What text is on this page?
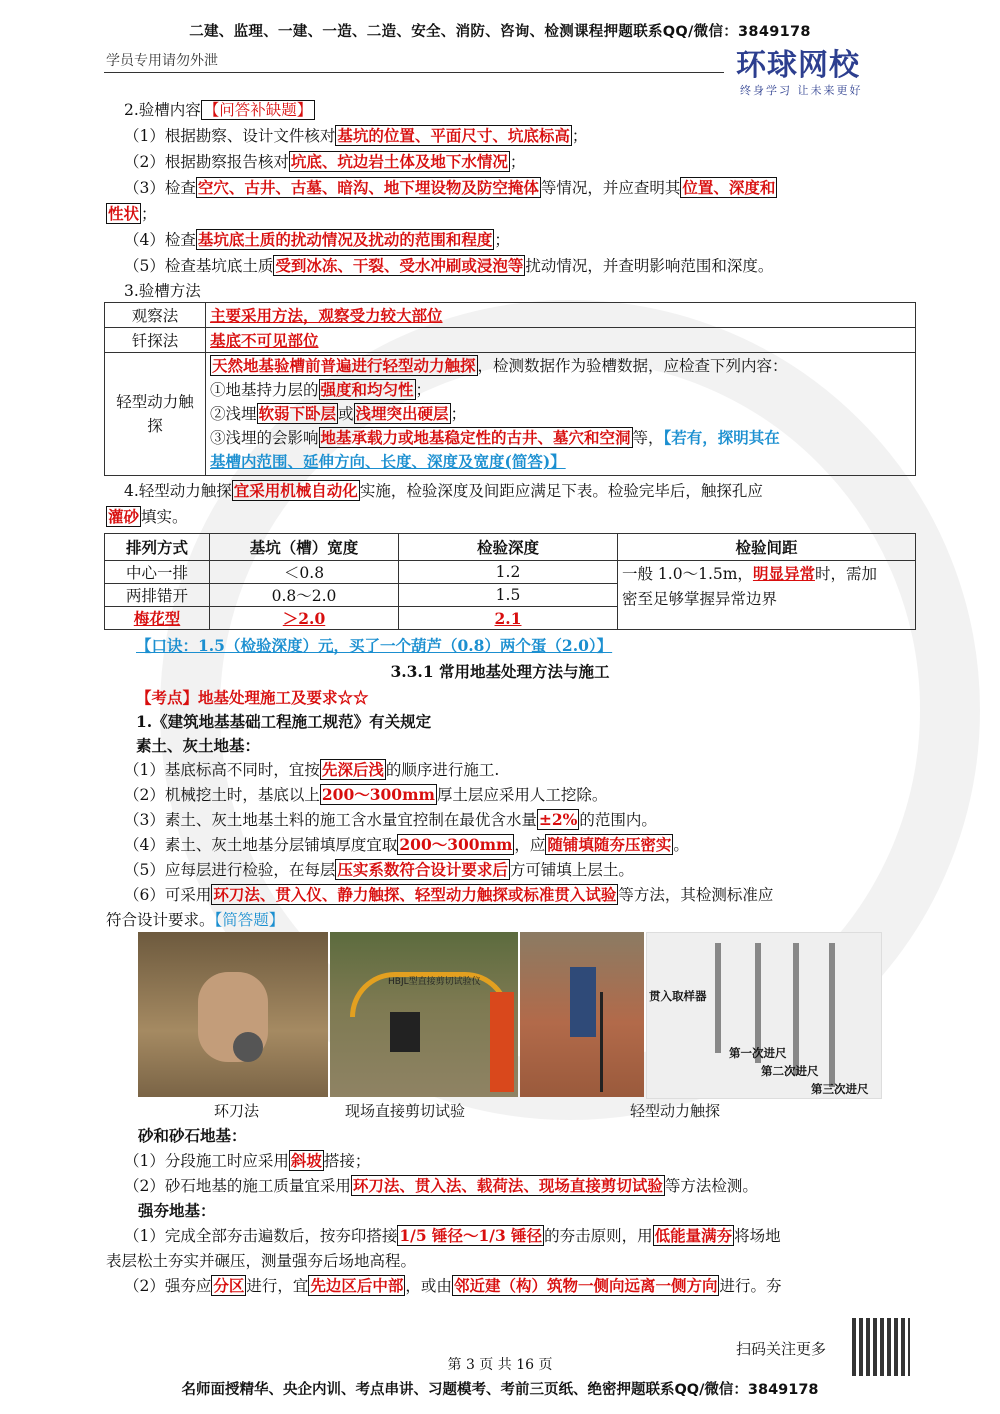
二建、监理、一建、一造、二造、安全、消防、咨询、检测课程押题联系QQ/微信：3849178
学员专用请勿外泄	环球网校
终身学习 让未来更好
2.验槽内容 【问答补缺题】
（1）根据勘察、设计文件核对 基坑的位置、平面尺寸、坑底标高 ；
（2）根据勘察报告核对 坑底、坑边岩土体及地下水情况 ；
（3）检查 空穴、古井、古墓、暗沟、地下埋设物及防空掩体 等情况，并应查明其 位置、深度和
性状 ；
（4）检查 基坑底土质的扰动情况及扰动的范围和程度 ；
（5）检查基坑底土质 受到冰冻、干裂、受水冲刷或浸泡等 扰动情况，并查明影响范围和深度。
3.验槽方法
观察法	主要采用方法，观察受力较大部位
钎探法	基底不可见部位
轻型动力触探	天然地基验槽前普遍进行轻型动力触探 ，检测数据作为验槽数据，应检查下列内容：
①地基持力层的 强度和均匀性 ；
②浅埋 软弱下卧层 或 浅埋突出硬层 ；
③浅埋的会影响 地基承载力或地基稳定性的古井、墓穴和空洞 等，【若有，探明其在
基槽内范围、延伸方向、长度、深度及宽度(简答)】
4.轻型动力触探 宜采用机械自动化 实施，检验深度及间距应满足下表。检验完毕后，触探孔应
灌砂 填实。
排列方式	基坑（槽）宽度	检验深度	检验间距
中心一排	＜0.8	1.2	一般 1.0～1.5m，明显异常时，需加
密至足够掌握异常边界

两排错开	0.8～2.0	1.5	
梅花型	＞2.0	2.1	
【口诀：1.5（检验深度）元，买了一个葫芦（0.8）两个蛋（2.0）】
3.3.1 常用地基处理方法与施工
【考点】地基处理施工及要求☆☆
1.《建筑地基基础工程施工规范》有关规定
素土、灰土地基：
（1）基底标高不同时，宜按 先深后浅 的顺序进行施工.
（2）机械挖土时，基底以上 200～300mm 厚土层应采用人工挖除。
（3）素土、灰土地基土料的施工含水量宜控制在最优含水量 ±2% 的范围内。
（4）素土、灰土地基分层铺填厚度宜取 200～300mm ，应 随铺填随夯压密实 。
（5）应每层进行检验，在每层 压实系数符合设计要求后 方可铺填上层土。
（6）可采用 环刀法、贯入仪、静力触探、轻型动力触探或标准贯入试验 等方法，其检测标准应
符合设计要求。【简答题】
HBJL型直接剪切试验仪
贯入取样器
第一次进尺
第二次进尺
第三次进尺
环刀法	现场直接剪切试验	轻型动力触探
砂和砂石地基：
（1）分段施工时应采用 斜坡 搭接；
（2）砂石地基的施工质量宜采用 环刀法、贯入法、载荷法、现场直接剪切试验 等方法检测。
强夯地基：
（1）完成全部夯击遍数后，按夯印搭接 1/5 锤径～1/3 锤径 的夯击原则，用 低能量满夯 将场地
表层松土夯实并碾压，测量强夯后场地高程。
（2）强夯应 分区 进行，宜 先边区后中部 ，或由 邻近建（构）筑物一侧向远离一侧方向 进行。夯
扫码关注更多
第 3 页 共 16 页
名师面授精华、央企内训、考点串讲、习题模考、考前三页纸、绝密押题联系QQ/微信：3849178
